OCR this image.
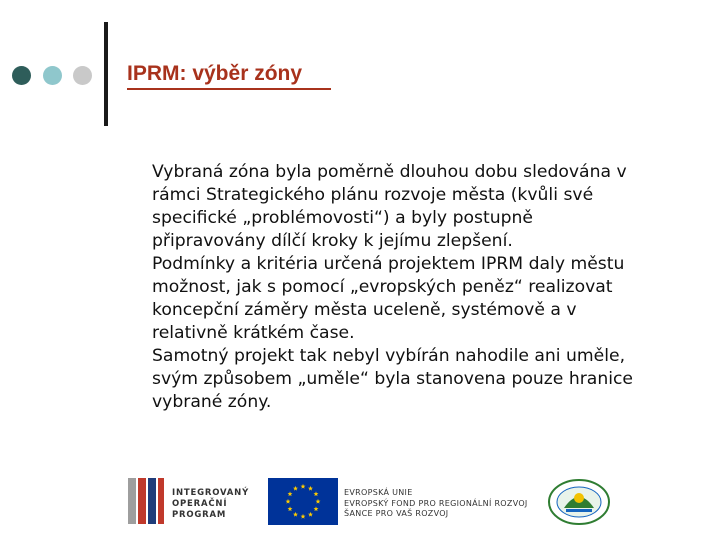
IPRM: výběr zóny

Vybraná zóna byla poměrně dlouhou dobu sledována v
rámci Strategického plánu rozvoje města (kvůli své
specifické „problémovosti“) a byly postupně
připravovány dílčí kroky k jejímu zlepšení.

Podmínky a kritéria určená projektem IPRM daly městu
možnost, jak s pomocí „evropských peněz“ realizovat
koncepční záměry města uceleně, systémově a v
relativně krátkém čase.

Samotný projekt tak nebyl vybírán nahodile ani uměle,
svým způsobem „uměle“ byla stanovena pouze hranice
vybrané zóny.

INTEGROVANÝ
OPERAČNÍ
PROGRAM
EVROPSKÁ UNIE
EVROPSKÝ FOND PRO REGIONÁLNÍ ROZVOJ
ŠANCE PRO VAŠ ROZVOJ
